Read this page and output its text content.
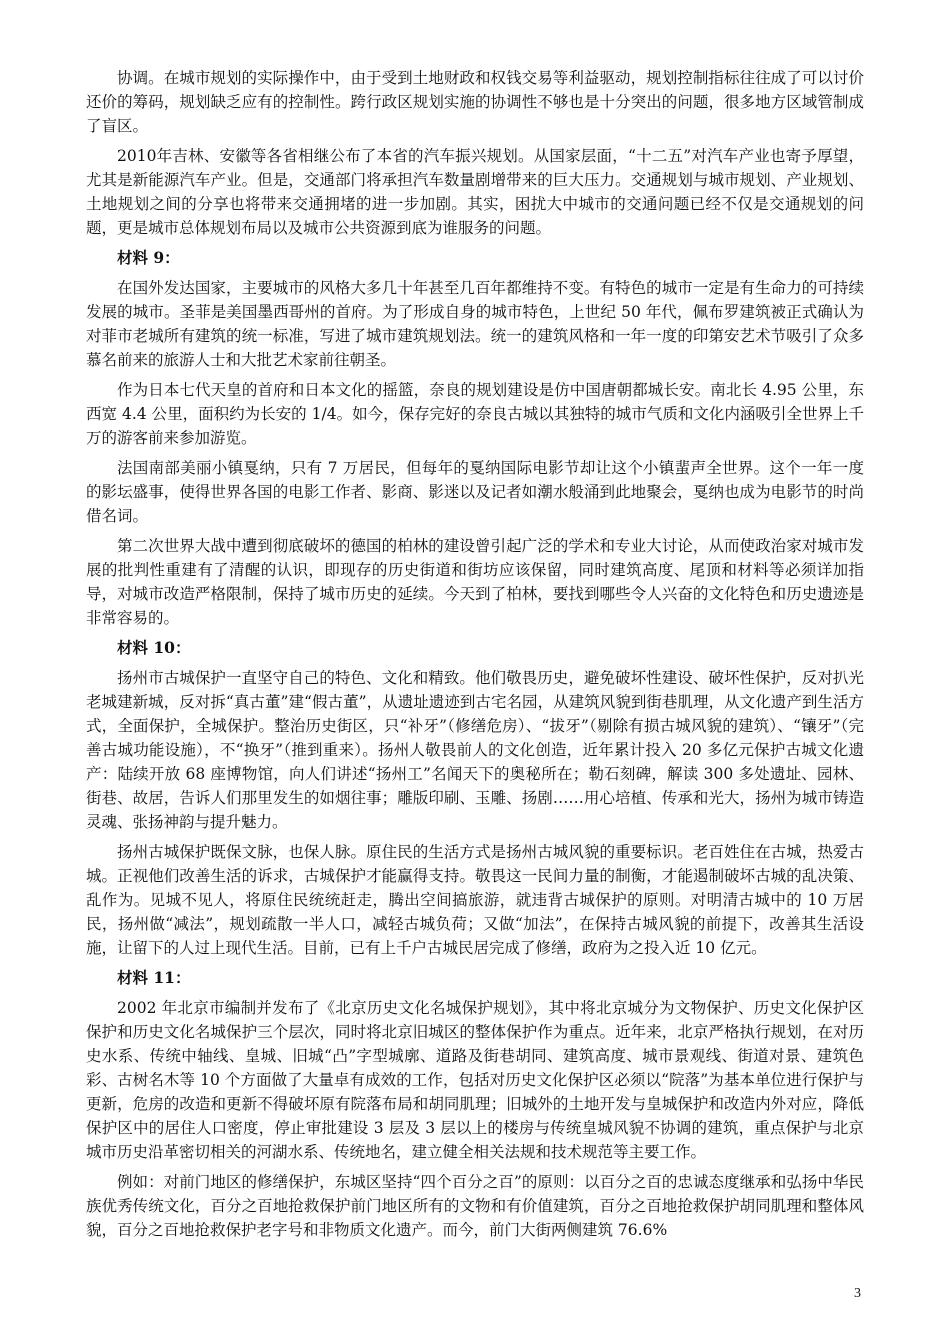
协调。在城市规划的实际操作中，由于受到土地财政和权钱交易等利益驱动，规划控制指标往往成了可以讨价还价的筹码，规划缺乏应有的控制性。跨行政区规划实施的协调性不够也是十分突出的问题，很多地方区域管制成了盲区。

2010年吉林、安徽等各省相继公布了本省的汽车振兴规划。从国家层面，“十二五”对汽车产业也寄予厚望，尤其是新能源汽车产业。但是，交通部门将承担汽车数量剧增带来的巨大压力。交通规划与城市规划、产业规划、土地规划之间的分享也将带来交通拥堵的进一步加剧。其实，困扰大中城市的交通问题已经不仅是交通规划的问题，更是城市总体规划布局以及城市公共资源到底为谁服务的问题。

材料 9：

在国外发达国家，主要城市的风格大多几十年甚至几百年都维持不变。有特色的城市一定是有生命力的可持续发展的城市。圣菲是美国墨西哥州的首府。为了形成自身的城市特色，上世纪 50 年代，佩布罗建筑被正式确认为对菲市老城所有建筑的统一标准，写进了城市建筑规划法。统一的建筑风格和一年一度的印第安艺术节吸引了众多慕名前来的旅游人士和大批艺术家前往朝圣。

作为日本七代天皇的首府和日本文化的摇篮，奈良的规划建设是仿中国唐朝都城长安。南北长 4.95 公里，东西宽 4.4 公里，面积约为长安的 1/4。如今，保存完好的奈良古城以其独特的城市气质和文化内涵吸引全世界上千万的游客前来参加游览。

法国南部美丽小镇戛纳，只有 7 万居民，但每年的戛纳国际电影节却让这个小镇蜚声全世界。这个一年一度的影坛盛事，使得世界各国的电影工作者、影商、影迷以及记者如潮水般涌到此地聚会，戛纳也成为电影节的时尚借名词。

第二次世界大战中遭到彻底破坏的德国的柏林的建设曾引起广泛的学术和专业大讨论，从而使政治家对城市发展的批判性重建有了清醒的认识，即现存的历史街道和街坊应该保留，同时建筑高度、尾顶和材料等必须详加指导，对城市改造严格限制，保持了城市历史的延续。今天到了柏林，要找到哪些令人兴奋的文化特色和历史遗迹是非常容易的。

材料 10：

扬州市古城保护一直坚守自己的特色、文化和精致。他们敬畏历史，避免破坏性建设、破坏性保护，反对扒光老城建新城，反对拆“真古董”建“假古董”，从遗址遗迹到古宅名园，从建筑风貌到街巷肌理，从文化遗产到生活方式，全面保护，全城保护。整治历史街区，只“补牙”（修缮危房）、“拔牙”（剔除有损古城风貌的建筑）、“镶牙”（完善古城功能设施），不“换牙”（推到重来）。扬州人敬畏前人的文化创造，近年累计投入 20 多亿元保护古城文化遗产：陆续开放 68 座博物馆，向人们讲述“扬州工”名闻天下的奥秘所在；勒石刻碑，解读 300 多处遗址、园林、街巷、故居，告诉人们那里发生的如烟往事；雕版印刷、玉雕、扬剧……用心培植、传承和光大，扬州为城市铸造灵魂、张扬神韵与提升魅力。

扬州古城保护既保文脉，也保人脉。原住民的生活方式是扬州古城风貌的重要标识。老百姓住在古城，热爱古城。正视他们改善生活的诉求，古城保护才能赢得支持。敬畏这一民间力量的制衡，才能遏制破坏古城的乱决策、乱作为。见城不见人，将原住民统统赶走，腾出空间搞旅游，就违背古城保护的原则。对明清古城中的 10 万居民，扬州做“减法”，规划疏散一半人口，减轻古城负荷；又做“加法”，在保持古城风貌的前提下，改善其生活设施，让留下的人过上现代生活。目前，已有上千户古城民居完成了修缮，政府为之投入近 10 亿元。

材料 11：

2002 年北京市编制并发布了《北京历史文化名城保护规划》，其中将北京城分为文物保护、历史文化保护区保护和历史文化名城保护三个层次，同时将北京旧城区的整体保护作为重点。近年来，北京严格执行规划，在对历史水系、传统中轴线、皇城、旧城“凸”字型城廓、道路及街巷胡同、建筑高度、城市景观线、街道对景、建筑色彩、古树名木等 10 个方面做了大量卓有成效的工作，包括对历史文化保护区必须以“院落”为基本单位进行保护与更新，危房的改造和更新不得破坏原有院落布局和胡同肌理；旧城外的土地开发与皇城保护和改造内外对应，降低保护区中的居住人口密度，停止审批建设 3 层及 3 层以上的楼房与传统皇城风貌不协调的建筑，重点保护与北京城市历史沿革密切相关的河湖水系、传统地名，建立健全相关法规和技术规范等主要工作。

例如：对前门地区的修缮保护，东城区坚持“四个百分之百”的原则：以百分之百的忠诚态度继承和弘扬中华民族优秀传统文化，百分之百地抢救保护前门地区所有的文物和有价值建筑，百分之百地抢救保护胡同肌理和整体风貌，百分之百地抢救保护老字号和非物质文化遗产。而今，前门大街两侧建筑 76.6%

3
